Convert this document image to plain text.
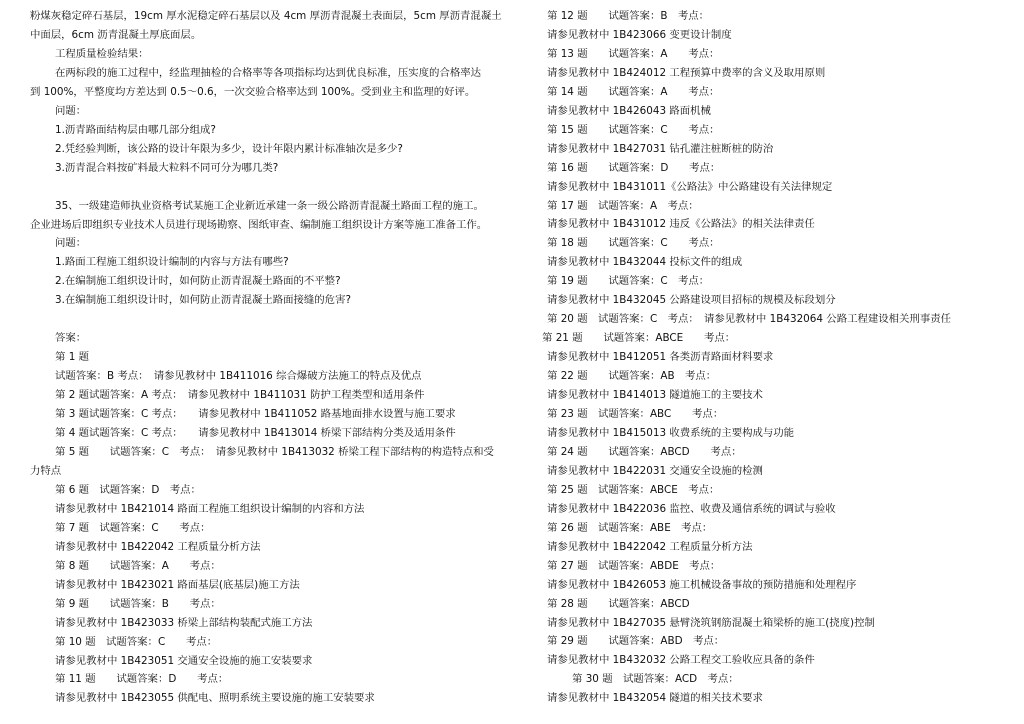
粉煤灰稳定碎石基层，19cm 厚水泥稳定碎石基层以及 4cm 厚沥青混凝土表面层，5cm 厚沥青混凝土
中面层，6cm 沥青混凝土厚底面层。
工程质量检验结果：
在两标段的施工过程中，经监理抽检的合格率等各项指标均达到优良标准，压实度的合格率达
到 100%，平整度均方差达到 0.5～0.6，一次交验合格率达到 100%。受到业主和监理的好评。
问题：
1.沥青路面结构层由哪几部分组成?
2.凭经验判断，该公路的设计年限为多少，设计年限内累计标准轴次是多少?
3.沥青混合料按矿料最大粒料不同可分为哪几类?
35、一级建造师执业资格考试某施工企业新近承建一条一级公路沥青混凝土路面工程的施工。
企业进场后即组织专业技术人员进行现场勘察、图纸审查、编制施工组织设计方案等施工准备工作。
问题：
1.路面工程施工组织设计编制的内容与方法有哪些?
2.在编制施工组织设计时，如何防止沥青混凝土路面的不平整?
3.在编制施工组织设计时，如何防止沥青混凝土路面接缝的危害?
答案：
第 1 题
试题答案：B 考点：　请参见教材中 1B411016 综合爆破方法施工的特点及优点
第 2 题试题答案：A 考点：　请参见教材中 1B411031 防护工程类型和适用条件
第 3 题试题答案：C 考点：　　请参见教材中 1B411052 路基地面排水设置与施工要求
第 4 题试题答案：C 考点：　　请参见教材中 1B413014 桥梁下部结构分类及适用条件
第 5 题　　试题答案：C　考点：　请参见教材中 1B413032 桥梁工程下部结构的构造特点和受
力特点
第 6 题　试题答案：D　考点：
请参见教材中 1B421014 路面工程施工组织设计编制的内容和方法
第 7 题　试题答案：C　　考点：
请参见教材中 1B422042 工程质量分析方法
第 8 题　　试题答案：A　　考点：
请参见教材中 1B423021 路面基层(底基层)施工方法
第 9 题　　试题答案：B　　考点：
请参见教材中 1B423033 桥梁上部结构装配式施工方法
第 10 题　试题答案：C　　考点：
请参见教材中 1B423051 交通安全设施的施工安装要求
第 11 题　　试题答案：D　　考点：
请参见教材中 1B423055 供配电、照明系统主要设施的施工安装要求
第 12 题　　试题答案：B　考点：
请参见教材中 1B423066 变更设计制度
第 13 题　　试题答案：A　　考点：
请参见教材中 1B424012 工程预算中费率的含义及取用原则
第 14 题　　试题答案：A　　考点：
请参见教材中 1B426043 路面机械
第 15 题　　试题答案：C　　考点：
请参见教材中 1B427031 钻孔灌注桩断桩的防治
第 16 题　　试题答案：D　　考点：
请参见教材中 1B431011《公路法》中公路建设有关法律规定
第 17 题　试题答案：A　考点：
请参见教材中 1B431012 违反《公路法》的相关法律责任
第 18 题　　试题答案：C　　考点：
请参见教材中 1B432044 投标文件的组成
第 19 题　　试题答案：C　考点：
请参见教材中 1B432045 公路建设项目招标的规模及标段划分
第 20 题　试题答案：C　考点：　请参见教材中 1B432064 公路工程建设相关刑事责任
第 21 题　　试题答案：ABCE　　考点：
请参见教材中 1B412051 各类沥青路面材料要求
第 22 题　　试题答案：AB　考点：
请参见教材中 1B414013 隧道施工的主要技术
第 23 题　试题答案：ABC　　考点：
请参见教材中 1B415013 收费系统的主要构成与功能
第 24 题　　试题答案：ABCD　　考点：
请参见教材中 1B422031 交通安全设施的检测
第 25 题　试题答案：ABCE　考点：
请参见教材中 1B422036 监控、收费及通信系统的调试与验收
第 26 题　试题答案：ABE　考点：
请参见教材中 1B422042 工程质量分析方法
第 27 题　试题答案：ABDE　考点：
请参见教材中 1B426053 施工机械设备事故的预防措施和处理程序
第 28 题　　试题答案：ABCD
请参见教材中 1B427035 悬臂浇筑钢筋混凝土箱梁桥的施工(挠度)控制
第 29 题　　试题答案：ABD　考点：
请参见教材中 1B432032 公路工程交工验收应具备的条件
第 30 题　试题答案：ACD　考点：
请参见教材中 1B432054 隧道的相关技术要求
